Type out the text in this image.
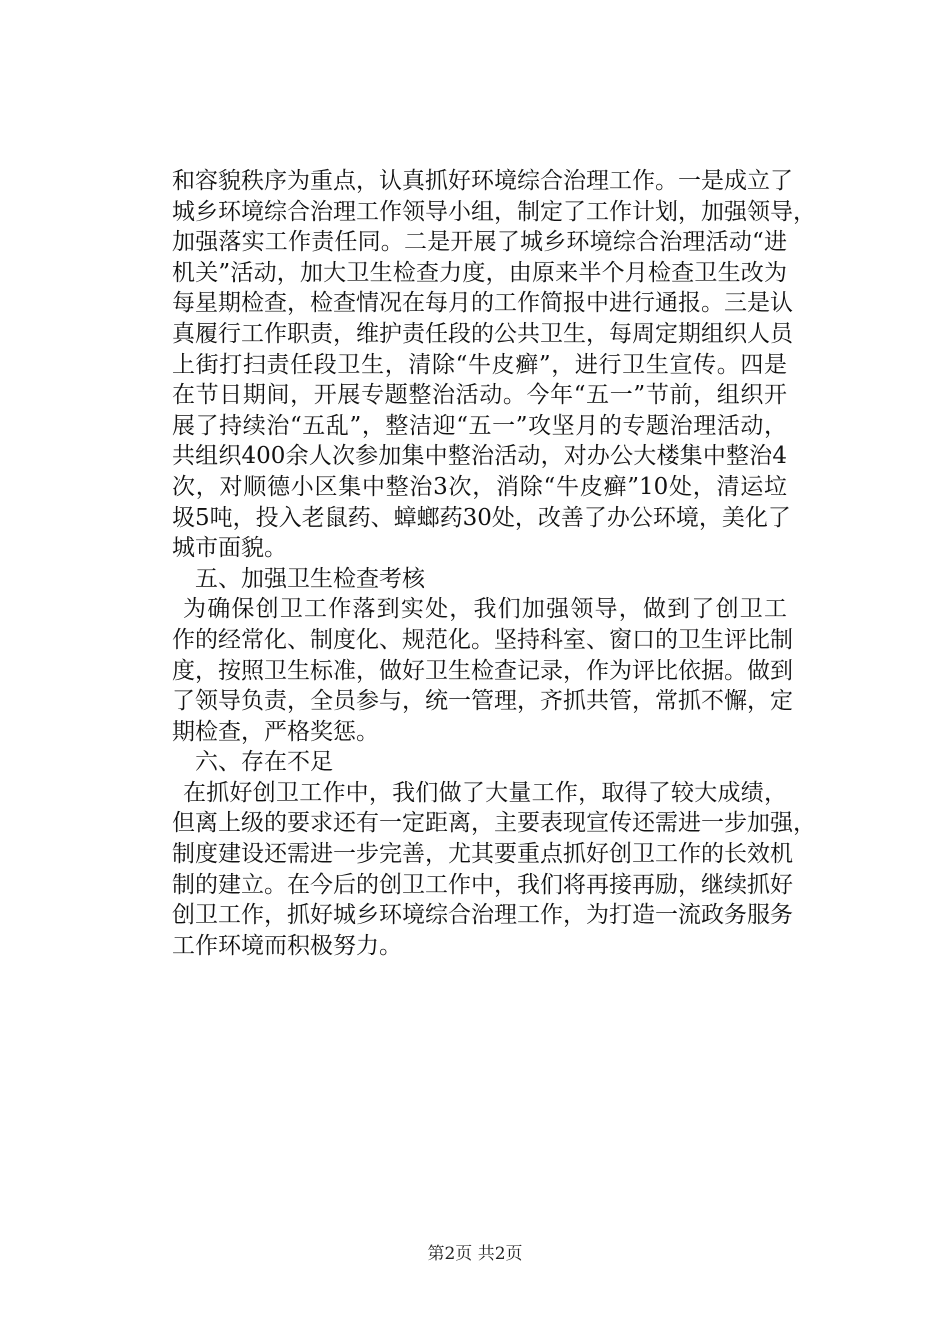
和容貌秩序为重点，认真抓好环境综合治理工作。一是成立了
城乡环境综合治理工作领导小组，制定了工作计划，加强领导，
加强落实工作责任同。二是开展了城乡环境综合治理活动“进
机关”活动，加大卫生检查力度，由原来半个月检查卫生改为
每星期检查，检查情况在每月的工作简报中进行通报。三是认
真履行工作职责，维护责任段的公共卫生，每周定期组织人员
上街打扫责任段卫生，清除“牛皮癣”，进行卫生宣传。四是
在节日期间，开展专题整治活动。今年“五一”节前，组织开
展了持续治“五乱”，整洁迎“五一”攻坚月的专题治理活动，
共组织400余人次参加集中整治活动，对办公大楼集中整治4
次，对顺德小区集中整治3次，消除“牛皮癣”10处，清运垃
圾5吨，投入老鼠药、蟑螂药30处，改善了办公环境，美化了
城市面貌。
五、加强卫生检查考核
为确保创卫工作落到实处，我们加强领导，做到了创卫工
作的经常化、制度化、规范化。坚持科室、窗口的卫生评比制
度，按照卫生标准，做好卫生检查记录，作为评比依据。做到
了领导负责，全员参与，统一管理，齐抓共管，常抓不懈，定
期检查，严格奖惩。
六、存在不足
在抓好创卫工作中，我们做了大量工作，取得了较大成绩，
但离上级的要求还有一定距离，主要表现宣传还需进一步加强，
制度建设还需进一步完善，尤其要重点抓好创卫工作的长效机
制的建立。在今后的创卫工作中，我们将再接再励，继续抓好
创卫工作，抓好城乡环境综合治理工作，为打造一流政务服务
工作环境而积极努力。
第2页 共2页
